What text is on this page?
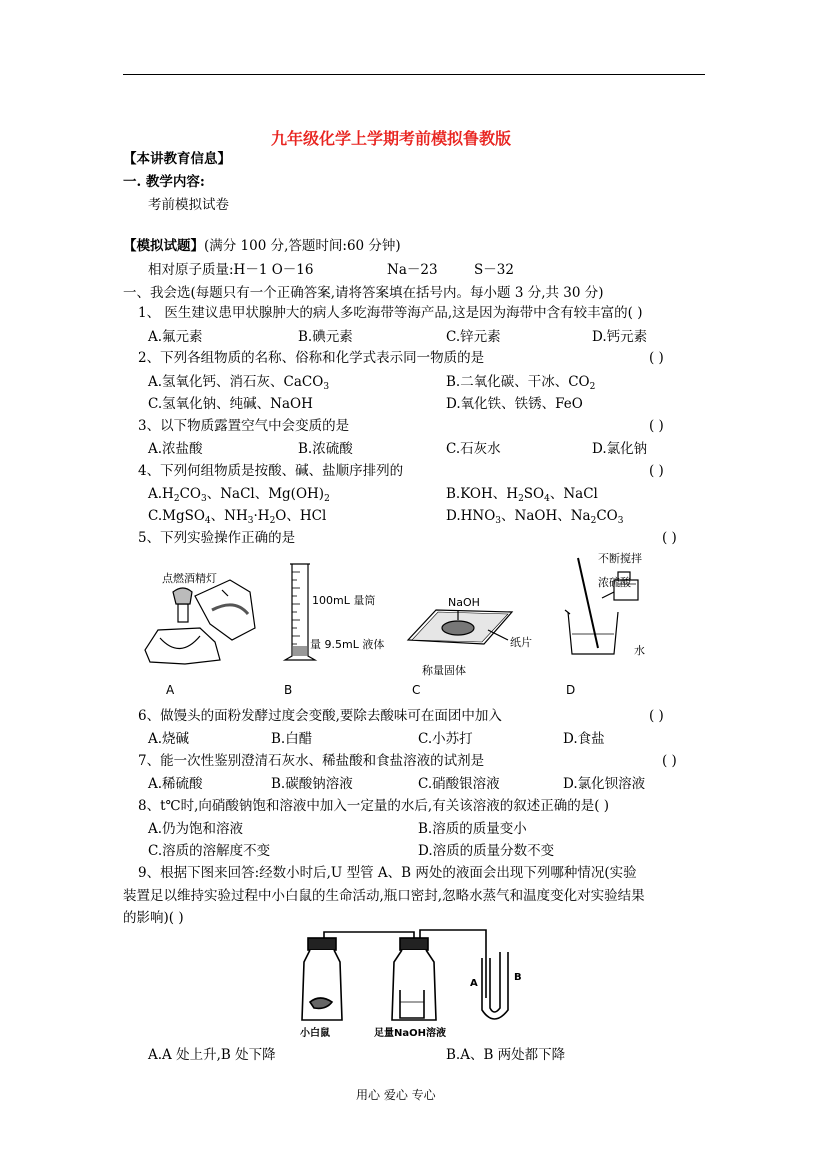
九年级化学上学期考前模拟鲁教版
【本讲教育信息】
一. 教学内容:
考前模拟试卷
【模拟试题】(满分 100 分,答题时间:60 分钟)
相对原子质量:H－1 O－16	Na－23	S－32
一、我会选(每题只有一个正确答案,请将答案填在括号内。每小题 3 分,共 30 分)
1、 医生建议患甲状腺肿大的病人多吃海带等海产品,这是因为海带中含有较丰富的( )
A.氟元素	B.碘元素	C.锌元素	D.钙元素
2、下列各组物质的名称、俗称和化学式表示同一物质的是	( )
A.氢氧化钙、消石灰、CaCO$_3$	B.二氧化碳、干冰、$CO_2$
C.氢氧化钠、纯碱、NaOH	D.氧化铁、铁锈、FeO
3、以下物质露置空气中会变质的是	( )
A.浓盐酸	B.浓硫酸	C.石灰水	D.氯化钠
4、下列何组物质是按酸、碱、盐顺序排列的	( )
$A.H_2CO_3$、NaCl、$Mg(OH)_2$	B.KOH、$H_2SO_4$、NaCl
C.MgSO$_4$、$NH_3\cdot H_2O$、HCl	$D.HNO_3$、NaOH、$Na_2CO_3$
5、下列实验操作正确的是	( )
点燃酒精灯
100mL 量筒
量 9.5mL 液体
NaOH
纸片
称量固体
不断搅拌
浓硫酸
水
A	B	C	D
6、做馒头的面粉发酵过度会变酸,要除去酸味可在面团中加入	( )
A.烧碱	B.白醋	C.小苏打	D.食盐
7、能一次性鉴别澄清石灰水、稀盐酸和食盐溶液的试剂是	( )
A.稀硫酸	B.碳酸钠溶液	C.硝酸银溶液	D.氯化钡溶液
8、t℃时,向硝酸钠饱和溶液中加入一定量的水后,有关该溶液的叙述正确的是( )
A.仍为饱和溶液	B.溶质的质量变小
C.溶质的溶解度不变	D.溶质的质量分数不变
9、根据下图来回答:经数小时后,U 型管 A、B 两处的液面会出现下列哪种情况(实验
装置足以维持实验过程中小白鼠的生命活动,瓶口密封,忽略水蒸气和温度变化对实验结果
的影响)( )
小白鼠	足量NaOH溶液
A
B
A.A 处上升,B 处下降	B.A、B 两处都下降
用心 爱心 专心
